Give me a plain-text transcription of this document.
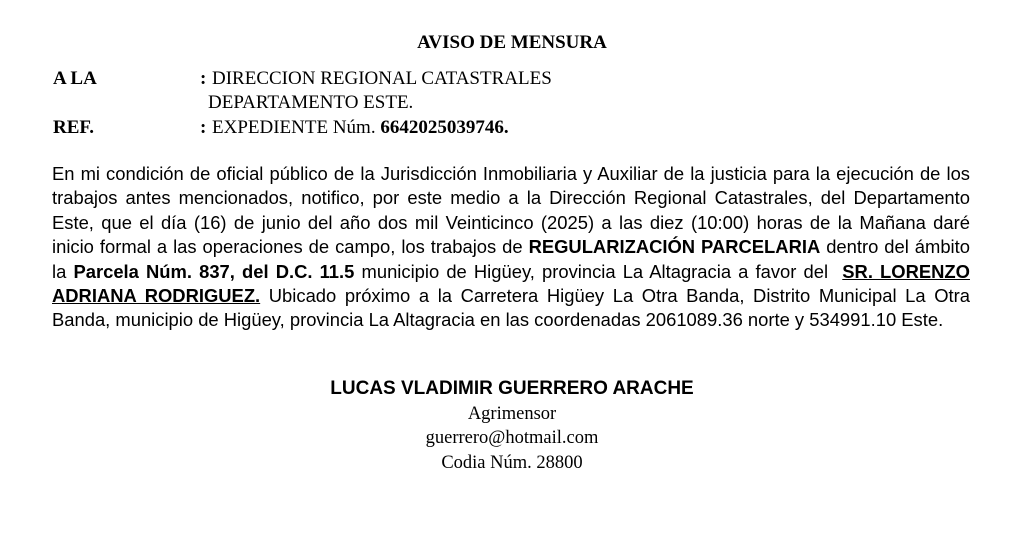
AVISO DE MENSURA
A LA	: DIRECCION REGIONAL CATASTRALES
DEPARTAMENTO ESTE.
REF.	: EXPEDIENTE Núm. 6642025039746.
En mi condición de oficial público de la Jurisdicción Inmobiliaria y Auxiliar de la justicia para la ejecución de los trabajos antes mencionados, notifico, por este medio a la Dirección Regional Catastrales, del Departamento Este, que el día (16) de junio del año dos mil Veinticinco (2025) a las diez (10:00) horas de la Mañana daré inicio formal a las operaciones de campo, los trabajos de REGULARIZACIÓN PARCELARIA dentro del ámbito la Parcela Núm. 837, del D.C. 11.5 municipio de Higüey, provincia La Altagracia a favor del SR. LORENZO ADRIANA RODRIGUEZ. Ubicado próximo a la Carretera Higüey La Otra Banda, Distrito Municipal La Otra Banda, municipio de Higüey, provincia La Altagracia en las coordenadas 2061089.36 norte y 534991.10 Este.
LUCAS VLADIMIR GUERRERO ARACHE
Agrimensor
guerrero@hotmail.com
Codia Núm. 28800
